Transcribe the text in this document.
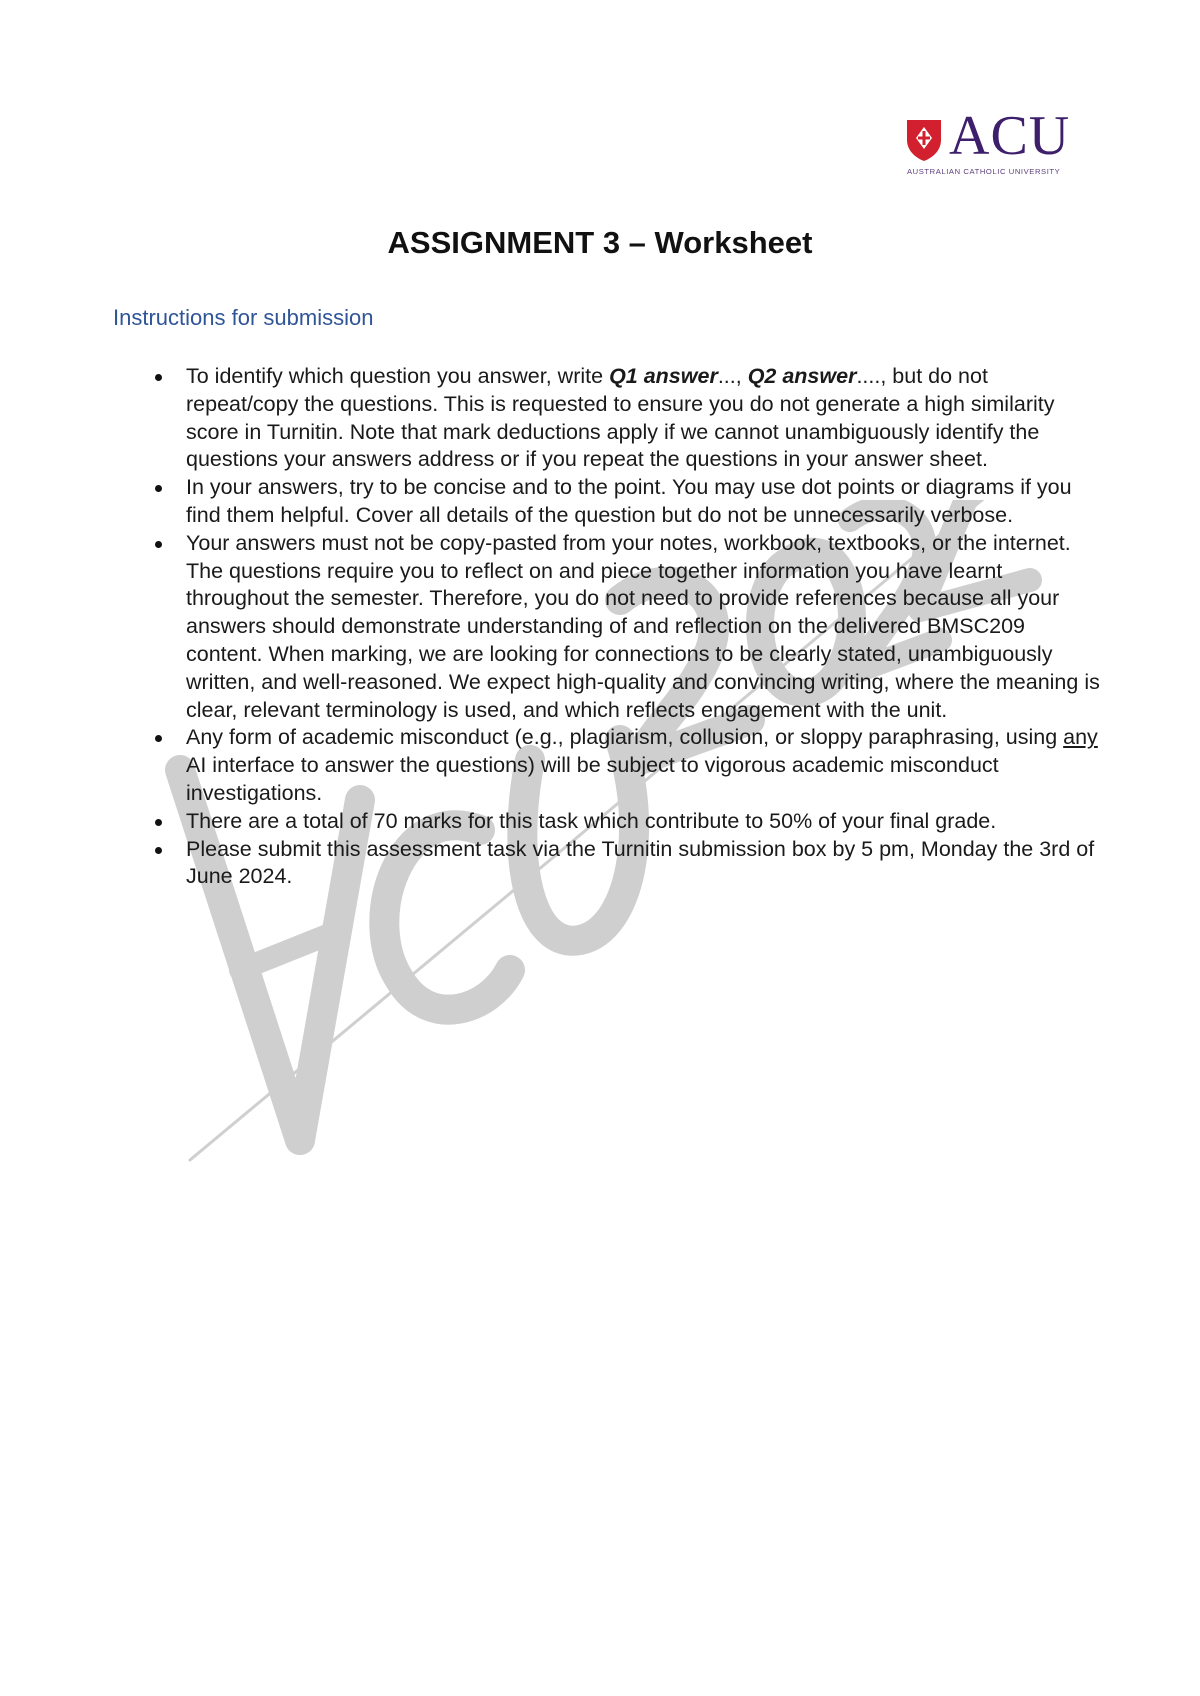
ACU
AUSTRALIAN CATHOLIC UNIVERSITY
ASSIGNMENT 3 – Worksheet
Instructions for submission
To identify which question you answer, write Q1 answer..., Q2 answer...., but do not repeat/copy the questions. This is requested to ensure you do not generate a high similarity score in Turnitin. Note that mark deductions apply if we cannot unambiguously identify the questions your answers address or if you repeat the questions in your answer sheet.
In your answers, try to be concise and to the point. You may use dot points or diagrams if you find them helpful. Cover all details of the question but do not be unnecessarily verbose.
Your answers must not be copy-pasted from your notes, workbook, textbooks, or the internet. The questions require you to reflect on and piece together information you have learnt throughout the semester. Therefore, you do not need to provide references because all your answers should demonstrate understanding of and reflection on the delivered BMSC209 content. When marking, we are looking for connections to be clearly stated, unambiguously written, and well-reasoned. We expect high-quality and convincing writing, where the meaning is clear, relevant terminology is used, and which reflects engagement with the unit.
Any form of academic misconduct (e.g., plagiarism, collusion, or sloppy paraphrasing, using any AI interface to answer the questions) will be subject to vigorous academic misconduct investigations.
There are a total of 70 marks for this task which contribute to 50% of your final grade.
Please submit this assessment task via the Turnitin submission box by 5 pm, Monday the 3rd of June 2024.
